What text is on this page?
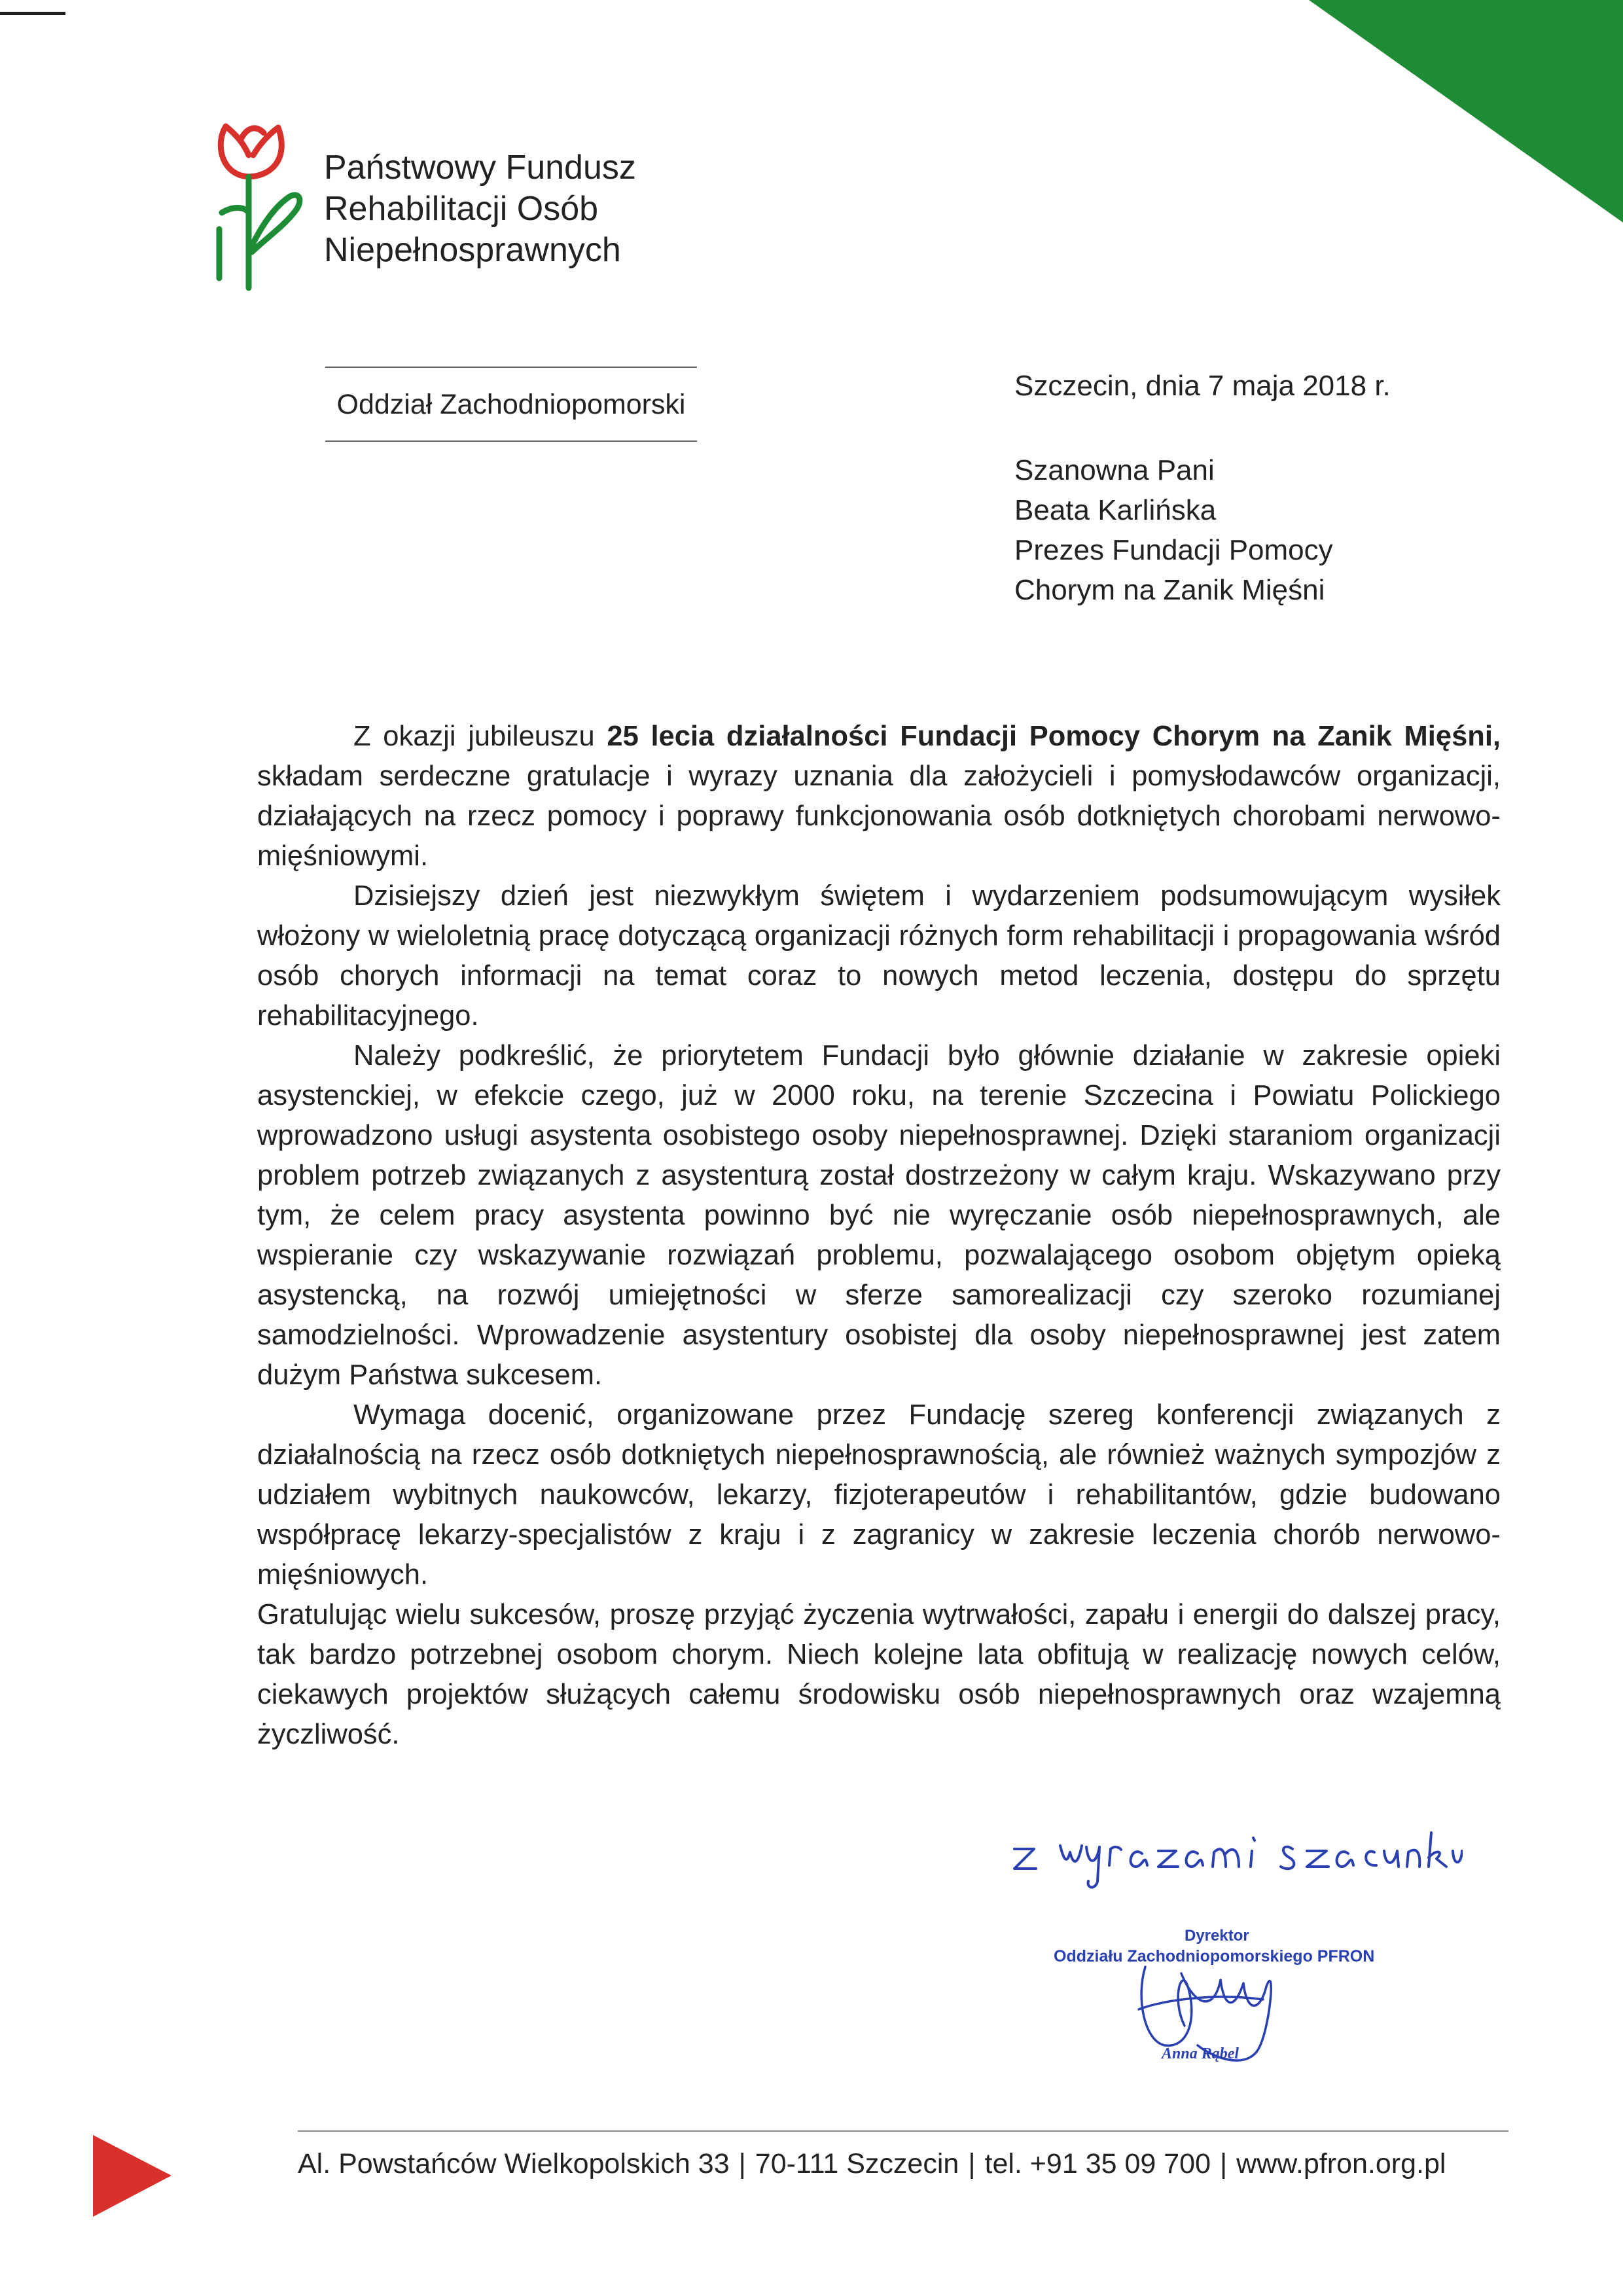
Państwowy Fundusz
Rehabilitacji Osób
Niepełnosprawnych
Oddział Zachodniopomorski
Szczecin, dnia 7 maja 2018 r.
Szanowna Pani
Beata Karlińska
Prezes Fundacji Pomocy
Chorym na Zanik Mięśni

Z okazji jubileuszu 25 lecia działalności Fundacji Pomocy Chorym na Zanik Mięśni, składam serdeczne gratulacje i wyrazy uznania dla założycieli i pomysłodawców organizacji, działających na rzecz pomocy i poprawy funkcjonowania osób dotkniętych chorobami nerwowo-mięśniowymi.

Dzisiejszy dzień jest niezwykłym świętem i wydarzeniem podsumowującym wysiłek włożony w wieloletnią pracę dotyczącą organizacji różnych form rehabilitacji i propagowania wśród osób chorych informacji na temat coraz to nowych metod leczenia, dostępu do sprzętu rehabilitacyjnego.

Należy podkreślić, że priorytetem Fundacji było głównie działanie w zakresie opieki asystenckiej, w efekcie czego, już w 2000 roku, na terenie Szczecina i Powiatu Polickiego wprowadzono usługi asystenta osobistego osoby niepełnosprawnej. Dzięki staraniom organizacji problem potrzeb związanych z asystenturą został dostrzeżony w całym kraju. Wskazywano przy tym, że celem pracy asystenta powinno być nie wyręczanie osób niepełnosprawnych, ale wspieranie czy wskazywanie rozwiązań problemu, pozwalającego osobom objętym opieką asystencką, na rozwój umiejętności w sferze samorealizacji czy szeroko rozumianej samodzielności. Wprowadzenie asystentury osobistej dla osoby niepełnosprawnej jest zatem dużym Państwa sukcesem.

Wymaga docenić, organizowane przez Fundację szereg konferencji związanych z działalnością na rzecz osób dotkniętych niepełnosprawnością, ale również ważnych sympozjów z udziałem wybitnych naukowców, lekarzy, fizjoterapeutów i rehabilitantów, gdzie budowano współpracę lekarzy-specjalistów z kraju i z zagranicy w zakresie leczenia chorób nerwowo-mięśniowych.

Gratulując wielu sukcesów, proszę przyjąć życzenia wytrwałości, zapału i energii do dalszej pracy, tak bardzo potrzebnej osobom chorym. Niech kolejne lata obfitują w realizację nowych celów, ciekawych projektów służących całemu środowisku osób niepełnosprawnych oraz wzajemną życzliwość.

Dyrektor
Oddziału Zachodniopomorskiego PFRON
Anna Rąbel
Al. Powstańców Wielkopolskich 33 | 70-111 Szczecin | tel. +91 35 09 700 | www.pfron.org.pl
